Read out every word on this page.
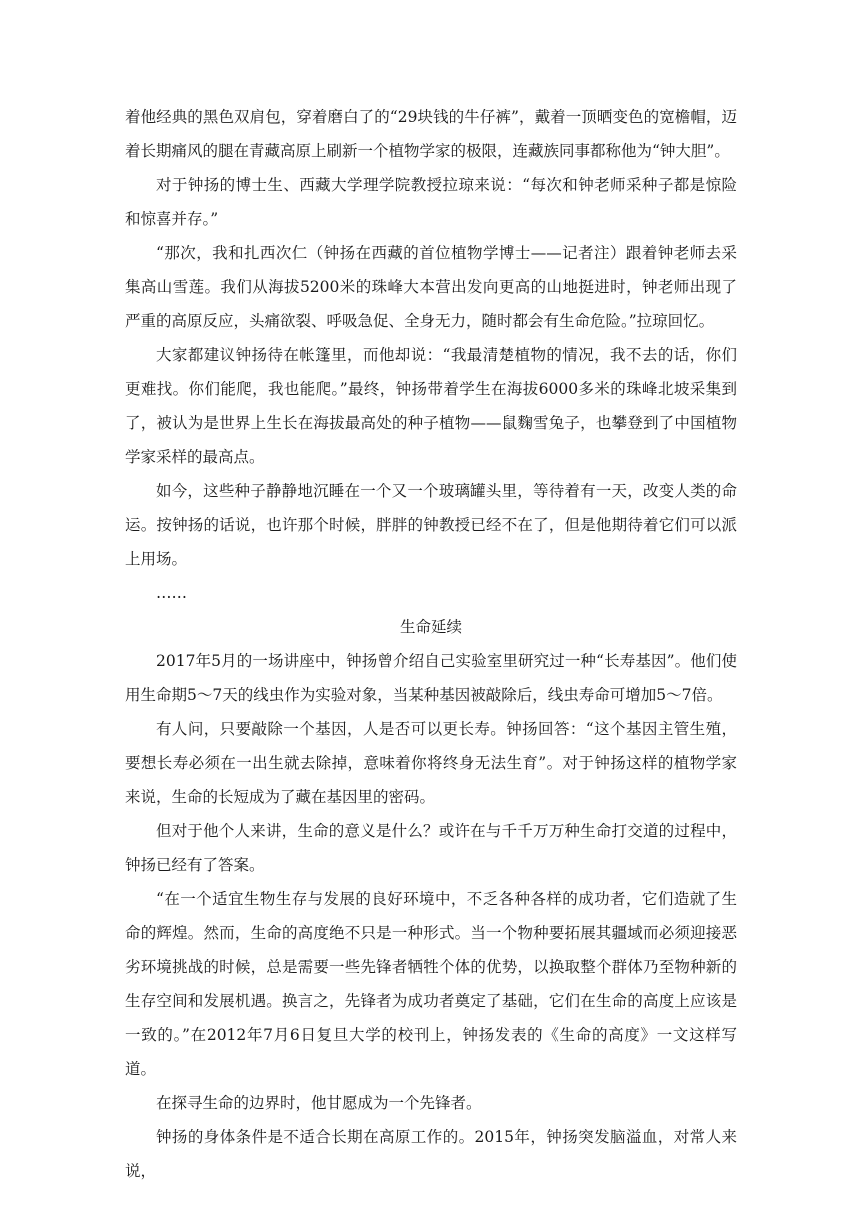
着他经典的黑色双肩包，穿着磨白了的“29块钱的牛仔裤”，戴着一顶晒变色的宽檐帽，迈着长期痛风的腿在青藏高原上刷新一个植物学家的极限，连藏族同事都称他为“钟大胆”。

对于钟扬的博士生、西藏大学理学院教授拉琼来说：“每次和钟老师采种子都是惊险和惊喜并存。”

“那次，我和扎西次仁（钟扬在西藏的首位植物学博士——记者注）跟着钟老师去采集高山雪莲。我们从海拔5200米的珠峰大本营出发向更高的山地挺进时，钟老师出现了严重的高原反应，头痛欲裂、呼吸急促、全身无力，随时都会有生命危险。”拉琼回忆。

大家都建议钟扬待在帐篷里，而他却说：“我最清楚植物的情况，我不去的话，你们更难找。你们能爬，我也能爬。”最终，钟扬带着学生在海拔6000多米的珠峰北坡采集到了，被认为是世界上生长在海拔最高处的种子植物——鼠麴雪兔子，也攀登到了中国植物学家采样的最高点。

如今，这些种子静静地沉睡在一个又一个玻璃罐头里，等待着有一天，改变人类的命运。按钟扬的话说，也许那个时候，胖胖的钟教授已经不在了，但是他期待着它们可以派上用场。

……

生命延续

2017年5月的一场讲座中，钟扬曾介绍自己实验室里研究过一种“长寿基因”。他们使用生命期5～7天的线虫作为实验对象，当某种基因被敲除后，线虫寿命可增加5～7倍。

有人问，只要敲除一个基因，人是否可以更长寿。钟扬回答：“这个基因主管生殖，要想长寿必须在一出生就去除掉，意味着你将终身无法生育”。对于钟扬这样的植物学家来说，生命的长短成为了藏在基因里的密码。

但对于他个人来讲，生命的意义是什么？或许在与千千万万种生命打交道的过程中，钟扬已经有了答案。

“在一个适宜生物生存与发展的良好环境中，不乏各种各样的成功者，它们造就了生命的辉煌。然而，生命的高度绝不只是一种形式。当一个物种要拓展其疆域而必须迎接恶劣环境挑战的时候，总是需要一些先锋者牺牲个体的优势，以换取整个群体乃至物种新的生存空间和发展机遇。换言之，先锋者为成功者奠定了基础，它们在生命的高度上应该是一致的。”在2012年7月6日复旦大学的校刊上，钟扬发表的《生命的高度》一文这样写道。

在探寻生命的边界时，他甘愿成为一个先锋者。

钟扬的身体条件是不适合长期在高原工作的。2015年，钟扬突发脑溢血，对常人来说，
